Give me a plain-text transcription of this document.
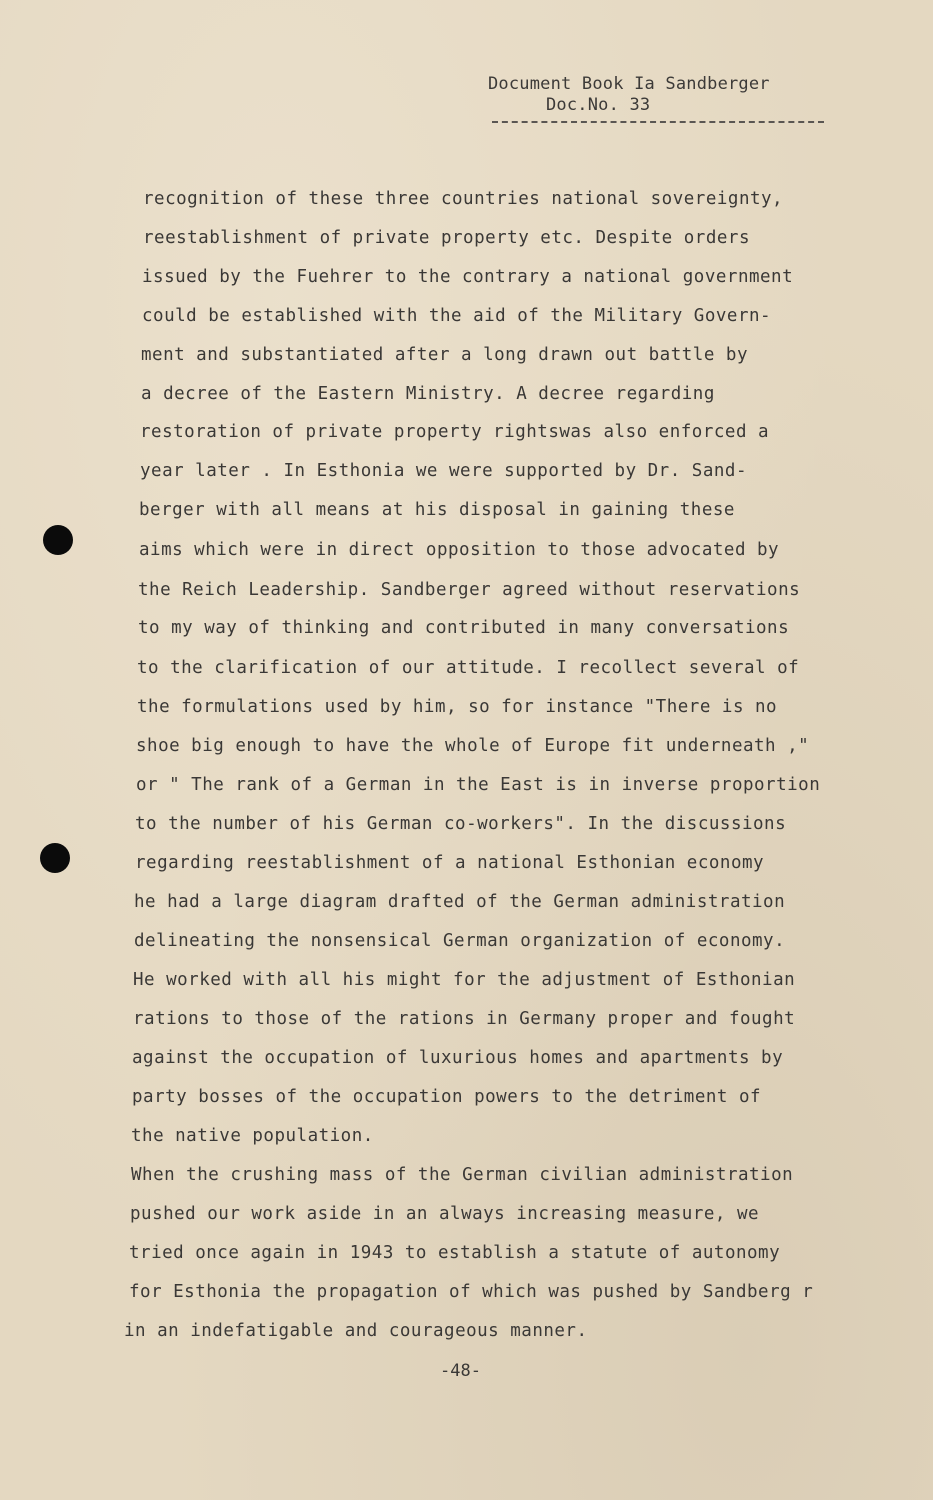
Document Book Ia Sandberger
Doc.No. 33
recognition of these three countries national sovereignty,
reestablishment of private property etc. Despite orders
issued by the Fuehrer to the contrary a national government
could be established with the aid of the Military Govern-
ment and substantiated after a long drawn out battle by
a decree of the Eastern Ministry. A decree regarding
restoration of private property rightswas also enforced a
year later . In Esthonia we were supported by Dr. Sand-
berger with all means at his disposal in gaining these
aims which were in direct opposition to those advocated by
the Reich Leadership. Sandberger agreed without reservations
to my way of thinking and contributed in many conversations
to the clarification of our attitude. I recollect several of
the formulations used by him, so for instance "There is no
shoe big enough to have the whole of Europe fit underneath ,"
or " The rank of a German in the East is in inverse proportion
to the number of his German co-workers". In the discussions
regarding reestablishment of a national Esthonian economy
he had a large diagram drafted of the German administration
delineating the nonsensical German organization of economy.
He worked with all his might for the adjustment of Esthonian
rations to those of the rations in Germany proper and fought
against the occupation of luxurious homes and apartments by
party bosses of the occupation powers to the detriment of
the native population.
When the crushing mass of the German civilian administration
pushed our work aside in an always increasing measure, we
tried once again in 1943 to establish a statute of autonomy
for Esthonia the propagation of which was pushed by Sandberg r
in an indefatigable and courageous manner.
-48-
